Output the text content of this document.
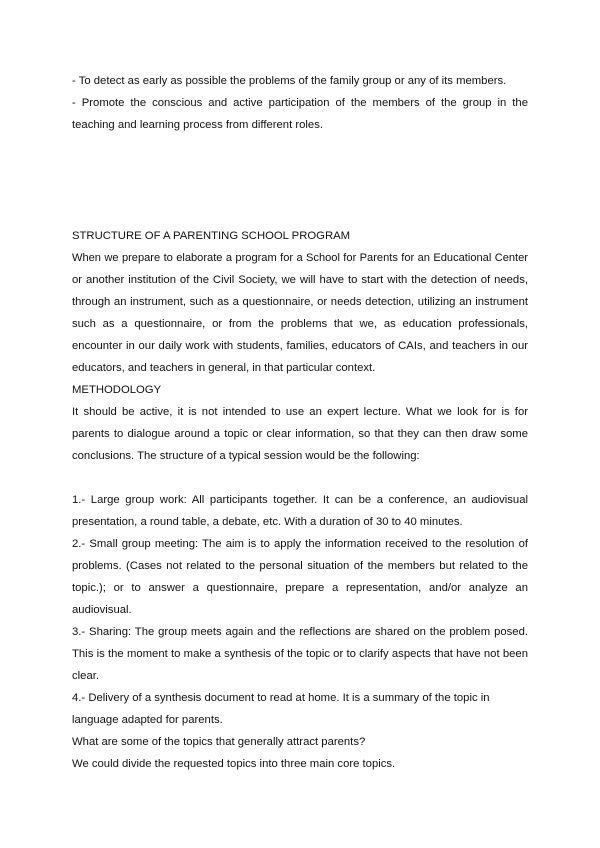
- To detect as early as possible the problems of the family group or any of its members.
- Promote the conscious and active participation of the members of the group in the
teaching and learning process from different roles.
STRUCTURE OF A PARENTING SCHOOL PROGRAM
When we prepare to elaborate a program for a School for Parents for an Educational Center
or another institution of the Civil Society, we will have to start with the detection of needs,
through an instrument, such as a questionnaire, or needs detection, utilizing an instrument
such as a questionnaire, or from the problems that we, as education professionals,
encounter in our daily work with students, families, educators of CAIs, and teachers in our
educators, and teachers in general, in that particular context.
METHODOLOGY
It should be active, it is not intended to use an expert lecture. What we look for is for
parents to dialogue around a topic or clear information, so that they can then draw some
conclusions. The structure of a typical session would be the following:
1.- Large group work: All participants together. It can be a conference, an audiovisual
presentation, a round table, a debate, etc. With a duration of 30 to 40 minutes.
2.- Small group meeting: The aim is to apply the information received to the resolution of
problems. (Cases not related to the personal situation of the members but related to the
topic.); or to answer a questionnaire, prepare a representation, and/or analyze an
audiovisual.
3.- Sharing: The group meets again and the reflections are shared on the problem posed.
This is the moment to make a synthesis of the topic or to clarify aspects that have not been
clear.
4.- Delivery of a synthesis document to read at home. It is a summary of the topic in
language adapted for parents.
What are some of the topics that generally attract parents?
We could divide the requested topics into three main core topics.
